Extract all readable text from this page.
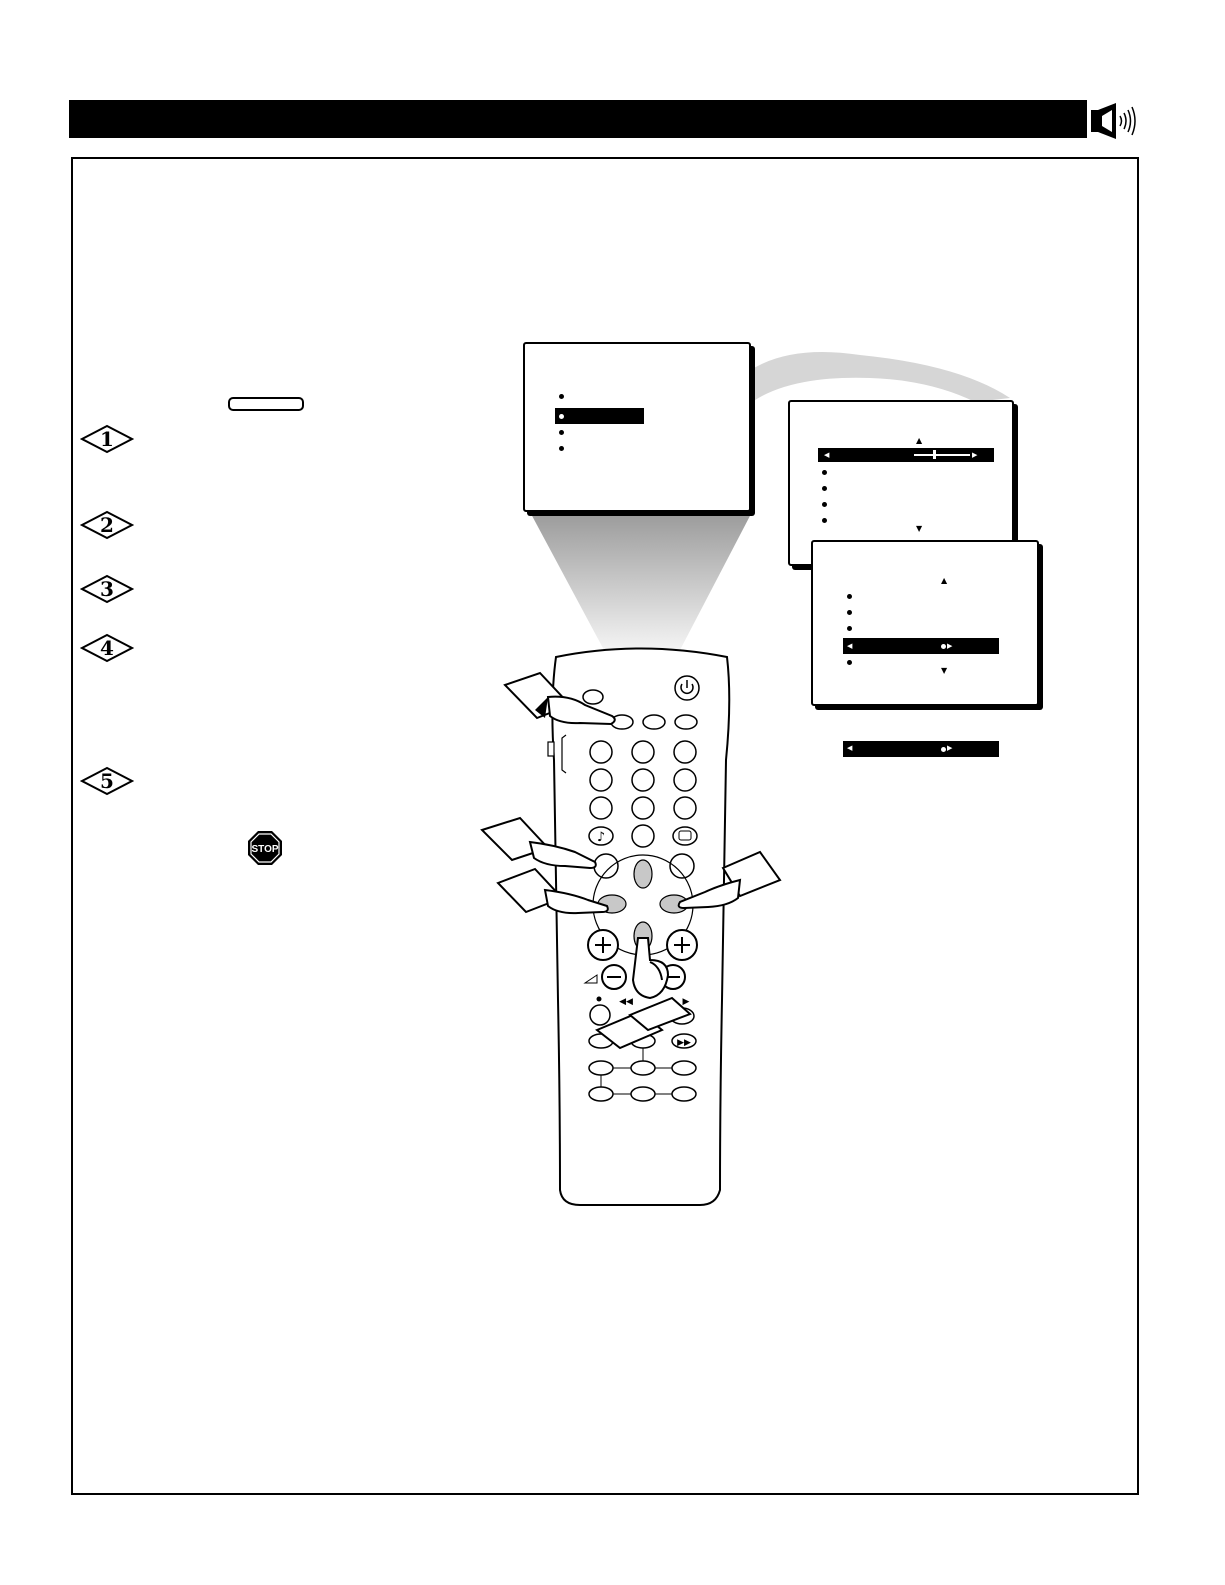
1
2
3
4
5
STOP
♪
◀◀	▶
▶▶
▲
◀	▶
▼
▲
◀	▶
▼
◀	▶
